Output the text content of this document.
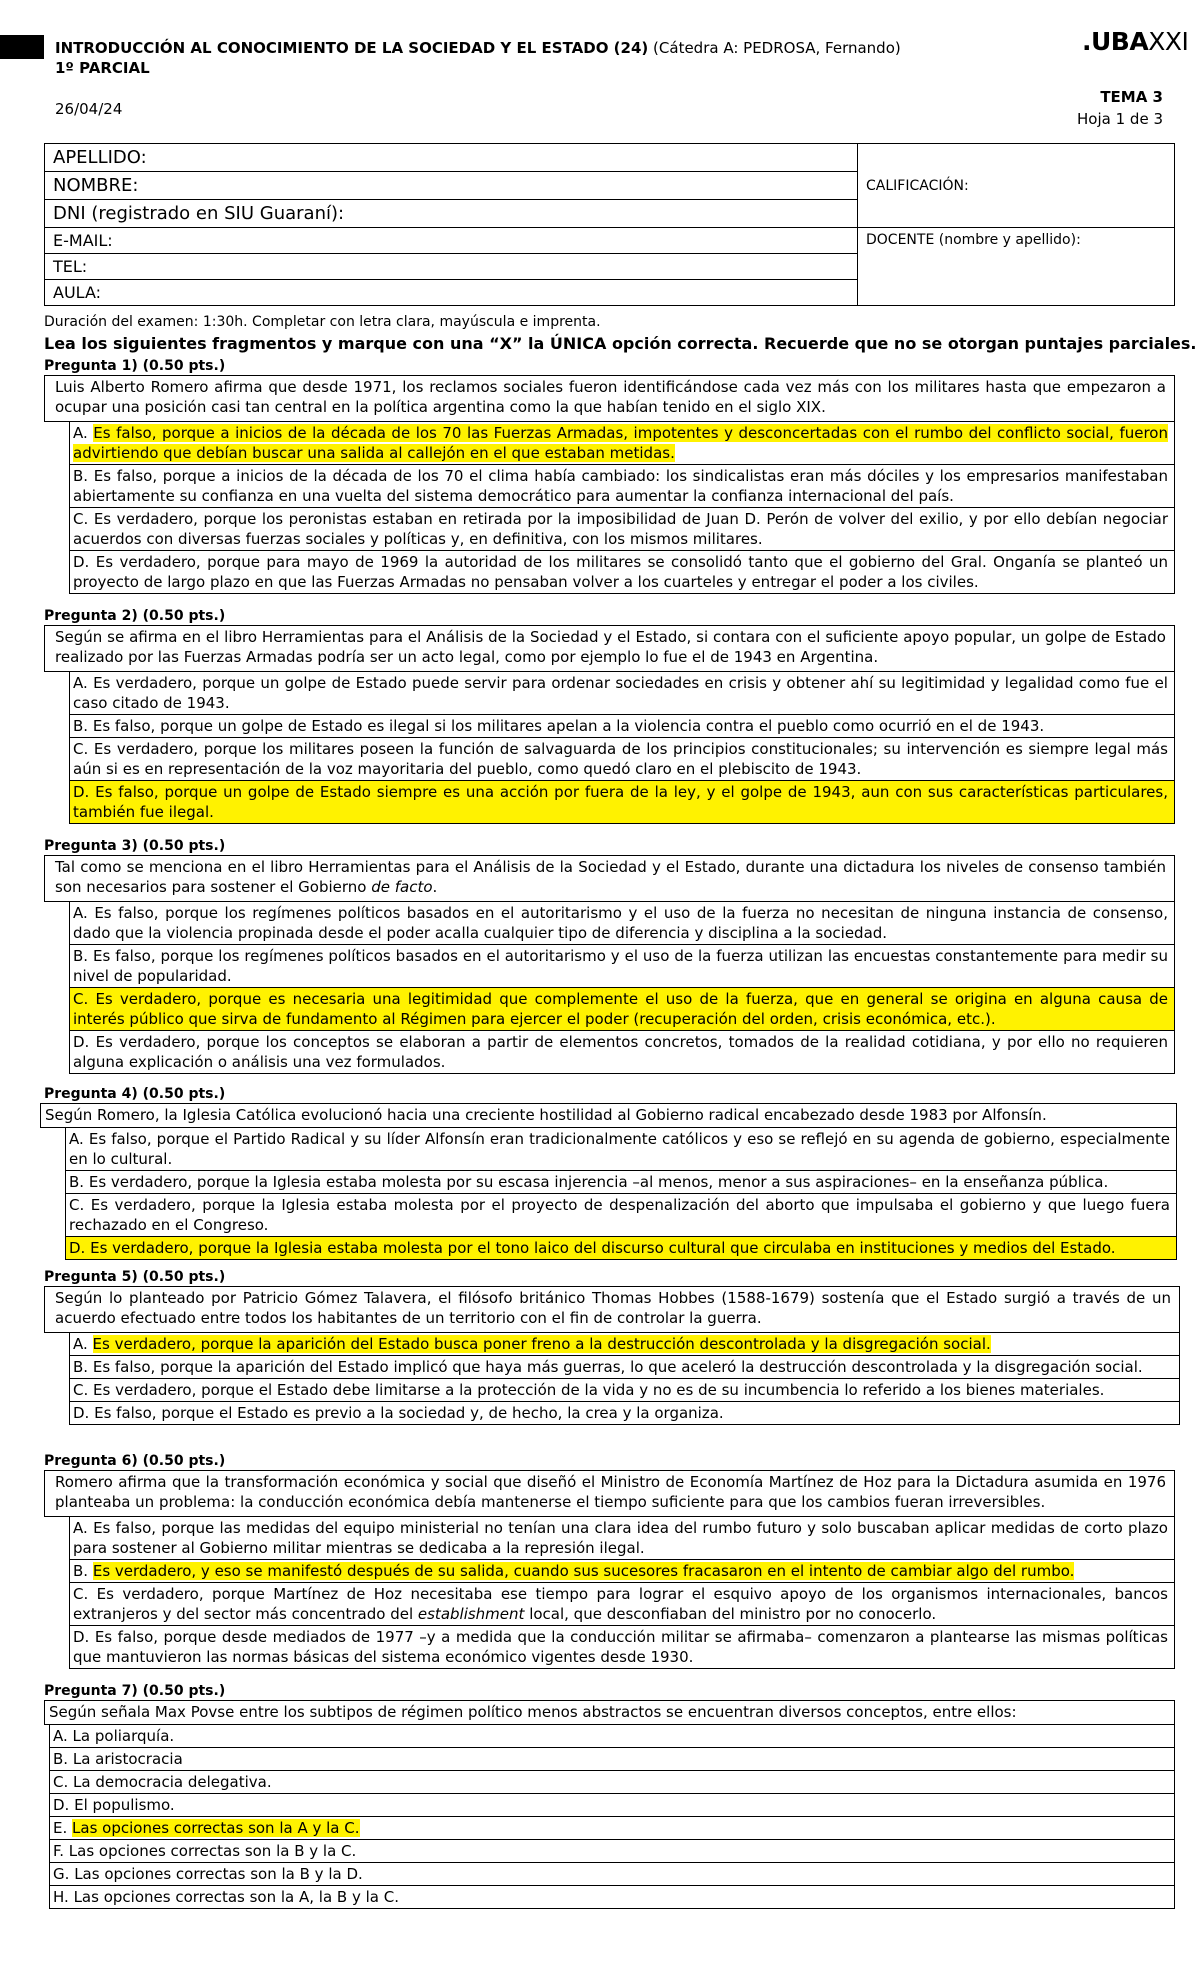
INTRODUCCIÓN AL CONOCIMIENTO DE LA SOCIEDAD Y EL ESTADO (24) (Cátedra A: PEDROSA, Fernando)
1º PARCIAL
.UBAXXI
26/04/24
TEMA 3
Hoja 1 de 3
APELLIDO:	CALIFICACIÓN:
NOMBRE:	
DNI (registrado en SIU Guaraní):	
E-MAIL:	DOCENTE (nombre y apellido):
TEL:	
AULA:	
Duración del examen: 1:30h. Completar con letra clara, mayúscula e imprenta.
Lea los siguientes fragmentos y marque con una “X” la ÚNICA opción correcta. Recuerde que no se otorgan puntajes parciales.
Pregunta 1) (0.50 pts.)
Luis Alberto Romero afirma que desde 1971, los reclamos sociales fueron identificándose cada vez más con los militares hasta que empezaron a ocupar una posición casi tan central en la política argentina como la que habían tenido en el siglo XIX.
	A. Es falso, porque a inicios de la década de los 70 las Fuerzas Armadas, impotentes y desconcertadas con el rumbo del conflicto social, fueron advirtiendo que debían buscar una salida al callejón en el que estaban metidas.
	B. Es falso, porque a inicios de la década de los 70 el clima había cambiado: los sindicalistas eran más dóciles y los empresarios manifestaban abiertamente su confianza en una vuelta del sistema democrático para aumentar la confianza internacional del país.
	C. Es verdadero, porque los peronistas estaban en retirada por la imposibilidad de Juan D. Perón de volver del exilio, y por ello debían negociar acuerdos con diversas fuerzas sociales y políticas y, en definitiva, con los mismos militares.
	D. Es verdadero, porque para mayo de 1969 la autoridad de los militares se consolidó tanto que el gobierno del Gral. Onganía se planteó un proyecto de largo plazo en que las Fuerzas Armadas no pensaban volver a los cuarteles y entregar el poder a los civiles.
Pregunta 2) (0.50 pts.)
Según se afirma en el libro Herramientas para el Análisis de la Sociedad y el Estado, si contara con el suficiente apoyo popular, un golpe de Estado realizado por las Fuerzas Armadas podría ser un acto legal, como por ejemplo lo fue el de 1943 en Argentina.
	A. Es verdadero, porque un golpe de Estado puede servir para ordenar sociedades en crisis y obtener ahí su legitimidad y legalidad como fue el caso citado de 1943.
	B. Es falso, porque un golpe de Estado es ilegal si los militares apelan a la violencia contra el pueblo como ocurrió en el de 1943.
	C. Es verdadero, porque los militares poseen la función de salvaguarda de los principios constitucionales; su intervención es siempre legal más aún si es en representación de la voz mayoritaria del pueblo, como quedó claro en el plebiscito de 1943.
	D. Es falso, porque un golpe de Estado siempre es una acción por fuera de la ley, y el golpe de 1943, aun con sus características particulares, también fue ilegal.
Pregunta 3) (0.50 pts.)
Tal como se menciona en el libro Herramientas para el Análisis de la Sociedad y el Estado, durante una dictadura los niveles de consenso también son necesarios para sostener el Gobierno de facto.
	A. Es falso, porque los regímenes políticos basados en el autoritarismo y el uso de la fuerza no necesitan de ninguna instancia de consenso, dado que la violencia propinada desde el poder acalla cualquier tipo de diferencia y disciplina a la sociedad.
	B. Es falso, porque los regímenes políticos basados en el autoritarismo y el uso de la fuerza utilizan las encuestas constantemente para medir su nivel de popularidad.
	C. Es verdadero, porque es necesaria una legitimidad que complemente el uso de la fuerza, que en general se origina en alguna causa de interés público que sirva de fundamento al Régimen para ejercer el poder (recuperación del orden, crisis económica, etc.).
	D. Es verdadero, porque los conceptos se elaboran a partir de elementos concretos, tomados de la realidad cotidiana, y por ello no requieren alguna explicación o análisis una vez formulados.
Pregunta 4) (0.50 pts.)
Según Romero, la Iglesia Católica evolucionó hacia una creciente hostilidad al Gobierno radical encabezado desde 1983 por Alfonsín.
	A. Es falso, porque el Partido Radical y su líder Alfonsín eran tradicionalmente católicos y eso se reflejó en su agenda de gobierno, especialmente en lo cultural.
	B. Es verdadero, porque la Iglesia estaba molesta por su escasa injerencia –al menos, menor a sus aspiraciones– en la enseñanza pública.
	C. Es verdadero, porque la Iglesia estaba molesta por el proyecto de despenalización del aborto que impulsaba el gobierno y que luego fuera rechazado en el Congreso.
	D. Es verdadero, porque la Iglesia estaba molesta por el tono laico del discurso cultural que circulaba en instituciones y medios del Estado.
Pregunta 5) (0.50 pts.)
Según lo planteado por Patricio Gómez Talavera, el filósofo británico Thomas Hobbes (1588-1679) sostenía que el Estado surgió a través de un acuerdo efectuado entre todos los habitantes de un territorio con el fin de controlar la guerra.
	A. Es verdadero, porque la aparición del Estado busca poner freno a la destrucción descontrolada y la disgregación social.
	B. Es falso, porque la aparición del Estado implicó que haya más guerras, lo que aceleró la destrucción descontrolada y la disgregación social.
	C. Es verdadero, porque el Estado debe limitarse a la protección de la vida y no es de su incumbencia lo referido a los bienes materiales.
	D. Es falso, porque el Estado es previo a la sociedad y, de hecho, la crea y la organiza.
Pregunta 6) (0.50 pts.)
Romero afirma que la transformación económica y social que diseñó el Ministro de Economía Martínez de Hoz para la Dictadura asumida en 1976 planteaba un problema: la conducción económica debía mantenerse el tiempo suficiente para que los cambios fueran irreversibles.
	A. Es falso, porque las medidas del equipo ministerial no tenían una clara idea del rumbo futuro y solo buscaban aplicar medidas de corto plazo para sostener al Gobierno militar mientras se dedicaba a la represión ilegal.
	B. Es verdadero, y eso se manifestó después de su salida, cuando sus sucesores fracasaron en el intento de cambiar algo del rumbo.
	C. Es verdadero, porque Martínez de Hoz necesitaba ese tiempo para lograr el esquivo apoyo de los organismos internacionales, bancos extranjeros y del sector más concentrado del establishment local, que desconfiaban del ministro por no conocerlo.
	D. Es falso, porque desde mediados de 1977 –y a medida que la conducción militar se afirmaba– comenzaron a plantearse las mismas políticas que mantuvieron las normas básicas del sistema económico vigentes desde 1930.
Pregunta 7) (0.50 pts.)
Según señala Max Povse entre los subtipos de régimen político menos abstractos se encuentran diversos conceptos, entre ellos:
	A. La poliarquía.
	B. La aristocracia
	C. La democracia delegativa.
	D. El populismo.
	E. Las opciones correctas son la A y la C.
	F. Las opciones correctas son la B y la C.
	G. Las opciones correctas son la B y la D.
	H. Las opciones correctas son la A, la B y la C.
